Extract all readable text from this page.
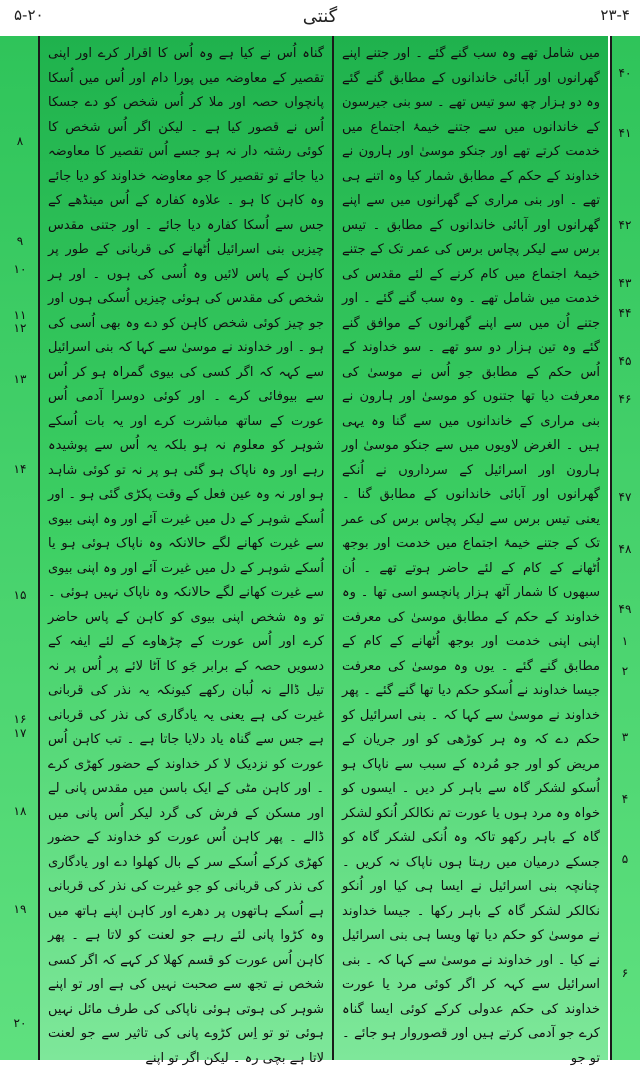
۵-۲۰	گنتی	۲۳-۴
گناہ اُس نے کیا ہے وہ اُس کا اقرار کرے اور اپنی تقصیر کے معاوضہ میں پورا دام اور اُس میں اُسکا پانچواں حصہ اور ملا کر اُس شخص کو دے جسکا اُس نے قصور کیا ہے ۔ لیکن اگر اُس شخص کا کوئی رشتہ دار نہ ہو جسے اُس تقصیر کا معاوضہ دیا جائے تو تقصیر کا جو معاوضہ خداوند کو دیا جائے وہ کاہن کا ہو ۔ علاوہ کفارہ کے اُس مینڈھے کے جس سے اُسکا کفارہ دیا جائے ۔ اور جتنی مقدس چیزیں بنی اسرائیل اُٹھانے کی قربانی کے طور پر کاہن کے پاس لائیں وہ اُسی کی ہوں ۔ اور ہر شخص کی مقدس کی ہوئی چیزیں اُسکی ہوں اور جو چیز کوئی شخص کاہن کو دے وہ بھی اُسی کی ہو ۔ اور خداوند نے موسیٰ سے کہا کہ بنی اسرائیل سے کہہ کہ اگر کسی کی بیوی گمراہ ہو کر اُس سے بیوفائی کرے ۔ اور کوئی دوسرا آدمی اُس عورت کے ساتھ مباشرت کرے اور یہ بات اُسکے شوہر کو معلوم نہ ہو بلکہ یہ اُس سے پوشیدہ رہے اور وہ ناپاک ہو گئی ہو پر نہ تو کوئی شاہد ہو اور نہ وہ عین فعل کے وقت پکڑی گئی ہو ۔ اور اُسکے شوہر کے دل میں غیرت آئے اور وہ اپنی بیوی سے غیرت کھانے لگے حالانکہ وہ ناپاک ہوئی ہو یا اُسکے شوہر کے دل میں غیرت آئے اور وہ اپنی بیوی سے غیرت کھانے لگے حالانکہ وہ ناپاک نہیں ہوئی ۔ تو وہ شخص اپنی بیوی کو کاہن کے پاس حاضر کرے اور اُس عورت کے چڑھاوے کے لئے ایفہ کے دسویں حصہ کے برابر جَو کا آٹا لائے پر اُس پر نہ تیل ڈالے نہ لُبان رکھے کیونکہ یہ نذر کی قربانی غیرت کی ہے یعنی یہ یادگاری کی نذر کی قربانی ہے جس سے گناہ یاد دلایا جاتا ہے ۔ تب کاہن اُس عورت کو نزدیک لا کر خداوند کے حضور کھڑی کرے ۔ اور کاہن مٹی کے ایک باسن میں مقدس پانی لے اور مسکن کے فرش کی گرد لیکر اُس پانی میں ڈالے ۔ پھر کاہن اُس عورت کو خداوند کے حضور کھڑی کرکے اُسکے سر کے بال کھلوا دے اور یادگاری کی نذر کی قربانی کو جو غیرت کی نذر کی قربانی ہے اُسکے ہاتھوں پر دھرے اور کاہن اپنے ہاتھ میں وہ کڑوا پانی لئے رہے جو لعنت کو لاتا ہے ۔ پھر کاہن اُس عورت کو قسم کھلا کر کہے کہ اگر کسی شخص نے تجھ سے صحبت نہیں کی ہے اور تو اپنے شوہر کی ہوتی ہوئی ناپاکی کی طرف مائل نہیں ہوئی تو تو اِس کڑوے پانی کی تاثیر سے جو لعنت لاتا ہے بچی رہ ۔ لیکن اگر تو اپنے
میں شامل تھے وہ سب گنے گئے ۔ اور جتنے اپنے گھرانوں اور آبائی خاندانوں کے مطابق گنے گئے وہ دو ہزار چھ سو تیس تھے ۔ سو بنی جیرسون کے خاندانوں میں سے جتنے خیمۂ اجتماع میں خدمت کرتے تھے اور جنکو موسیٰ اور ہارون نے خداوند کے حکم کے مطابق شمار کیا وہ اتنے ہی تھے ۔ اور بنی مراری کے گھرانوں میں سے اپنے گھرانوں اور آبائی خاندانوں کے مطابق ۔ تیس برس سے لیکر پچاس برس کی عمر تک کے جتنے خیمۂ اجتماع میں کام کرنے کے لئے مقدس کی خدمت میں شامل تھے ۔ وہ سب گنے گئے ۔ اور جتنے اُن میں سے اپنے گھرانوں کے موافق گنے گئے وہ تین ہزار دو سو تھے ۔ سو خداوند کے اُس حکم کے مطابق جو اُس نے موسیٰ کی معرفت دیا تھا جتنوں کو موسیٰ اور ہارون نے بنی مراری کے خاندانوں میں سے گنا وہ یہی ہیں ۔ الغرض لاویوں میں سے جنکو موسیٰ اور ہارون اور اسرائیل کے سرداروں نے اُنکے گھرانوں اور آبائی خاندانوں کے مطابق گنا ۔ یعنی تیس برس سے لیکر پچاس برس کی عمر تک کے جتنے خیمۂ اجتماع میں خدمت اور بوجھ اُٹھانے کے کام کے لئے حاضر ہوتے تھے ۔ اُن سبھوں کا شمار آٹھ ہزار پانچسو اسی تھا ۔ وہ خداوند کے حکم کے مطابق موسیٰ کی معرفت اپنی اپنی خدمت اور بوجھ اُٹھانے کے کام کے مطابق گنے گئے ۔ یوں وہ موسیٰ کی معرفت جیسا خداوند نے اُسکو حکم دیا تھا گنے گئے ۔ پھر خداوند نے موسیٰ سے کہا کہ ۔ بنی اسرائیل کو حکم دے کہ وہ ہر کوڑھی کو اور جریان کے مریض کو اور جو مُردہ کے سبب سے ناپاک ہو اُسکو لشکر گاہ سے باہر کر دیں ۔ ایسوں کو خواہ وہ مرد ہوں یا عورت تم نکالکر اُنکو لشکر گاہ کے باہر رکھو تاکہ وہ اُنکی لشکر گاہ کو جسکے درمیان میں رہتا ہوں ناپاک نہ کریں ۔ چنانچہ بنی اسرائیل نے ایسا ہی کیا اور اُنکو نکالکر لشکر گاہ کے باہر رکھا ۔ جیسا خداوند نے موسیٰ کو حکم دیا تھا ویسا ہی بنی اسرائیل نے کیا ۔ اور خداوند نے موسیٰ سے کہا کہ ۔ بنی اسرائیل سے کہہ کر اگر کوئی مرد یا عورت خداوند کی حکم عدولی کرکے کوئی ایسا گناہ کرے جو آدمی کرتے ہیں اور قصوروار ہو جائے ۔ تو جو
۸
۹
۱۰
۱۱
۱۲
۱۳
۱۴
۱۵
۱۶
۱۷
۱۸
۱۹
۲۰
۴۰
۴۱
۴۲
۴۳
۴۴
۴۵
۴۶
۴۷
۴۸
۴۹
۱
۲
۳
۴
۵
۶
